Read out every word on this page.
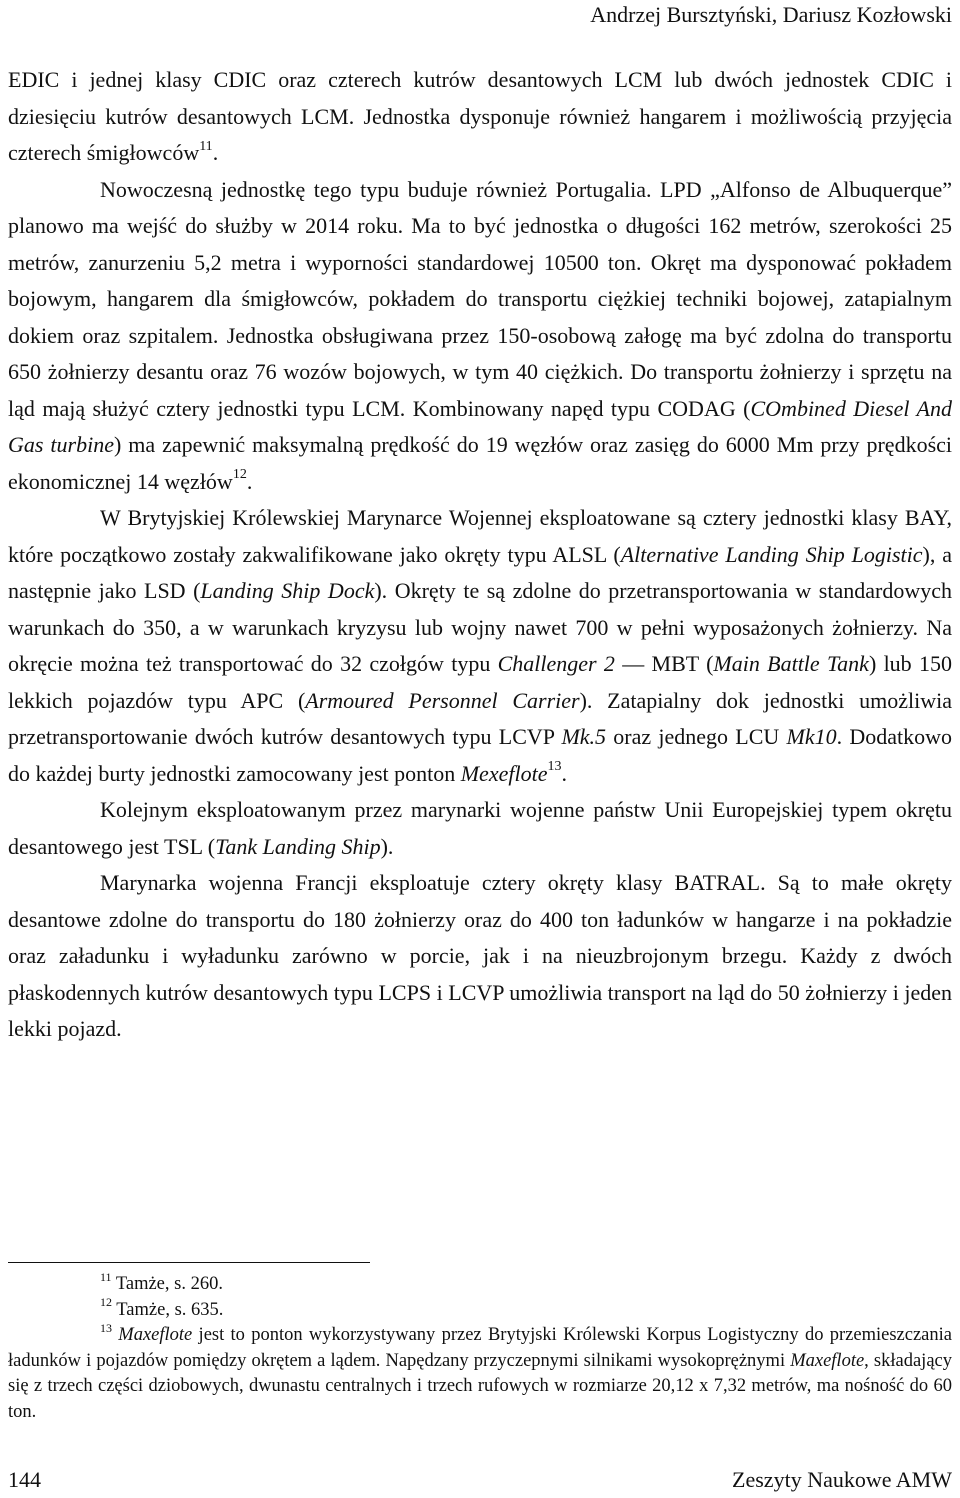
Andrzej Bursztyński, Dariusz Kozłowski

EDIC i jednej klasy CDIC oraz czterech kutrów desantowych LCM lub dwóch jednostek CDIC i dziesięciu kutrów desantowych LCM. Jednostka dysponuje również hangarem i możliwością przyjęcia czterech śmigłowców$^{11}$.

Nowoczesną jednostkę tego typu buduje również Portugalia. LPD „Alfonso de Albuquerque” planowo ma wejść do służby w 2014 roku. Ma to być jednostka o długości 162 metrów, szerokości 25 metrów, zanurzeniu 5,2 metra i wyporności standardowej 10500 ton. Okręt ma dysponować pokładem bojowym, hangarem dla śmigłowców, pokładem do transportu ciężkiej techniki bojowej, zatapialnym dokiem oraz szpitalem. Jednostka obsługiwana przez 150-osobową załogę ma być zdolna do transportu 650 żołnierzy desantu oraz 76 wozów bojowych, w tym 40 ciężkich. Do transportu żołnierzy i sprzętu na ląd mają służyć cztery jednostki typu LCM. Kombinowany napęd typu CODAG (COmbined Diesel And Gas turbine) ma zapewnić maksymalną prędkość do 19 węzłów oraz zasięg do 6000 Mm przy prędkości ekonomicznej 14 węzłów$^{12}$.

W Brytyjskiej Królewskiej Marynarce Wojennej eksploatowane są cztery jednostki klasy BAY, które początkowo zostały zakwalifikowane jako okręty typu ALSL (Alternative Landing Ship Logistic), a następnie jako LSD (Landing Ship Dock). Okręty te są zdolne do przetransportowania w standardowych warunkach do 350, a w warunkach kryzysu lub wojny nawet 700 w pełni wyposażonych żołnierzy. Na okręcie można też transportować do 32 czołgów typu Challenger 2 — MBT (Main Battle Tank) lub 150 lekkich pojazdów typu APC (Armoured Personnel Carrier). Zatapialny dok jednostki umożliwia przetransportowanie dwóch kutrów desantowych typu LCVP Mk.5 oraz jednego LCU Mk10. Dodatkowo do każdej burty jednostki zamocowany jest ponton Mexeflote$^{13}$.

Kolejnym eksploatowanym przez marynarki wojenne państw Unii Europejskiej typem okrętu desantowego jest TSL (Tank Landing Ship).

Marynarka wojenna Francji eksploatuje cztery okręty klasy BATRAL. Są to małe okręty desantowe zdolne do transportu do 180 żołnierzy oraz do 400 ton ładunków w hangarze i na pokładzie oraz załadunku i wyładunku zarówno w porcie, jak i na nieuzbrojonym brzegu. Każdy z dwóch płaskodennych kutrów desantowych typu LCPS i LCVP umożliwia transport na ląd do 50 żołnierzy i jeden lekki pojazd.

$^{11}$ Tamże, s. 260.

$^{12}$ Tamże, s. 635.

$^{13}$ Maxeflote jest to ponton wykorzystywany przez Brytyjski Królewski Korpus Logistyczny do przemieszczania ładunków i pojazdów pomiędzy okrętem a lądem. Napędzany przyczepnymi silnikami wysokoprężnymi Maxeflote, składający się z trzech części dziobowych, dwunastu centralnych i trzech rufowych w rozmiarze 20,12 x 7,32 metrów, ma nośność do 60 ton.

144	Zeszyty Naukowe AMW
